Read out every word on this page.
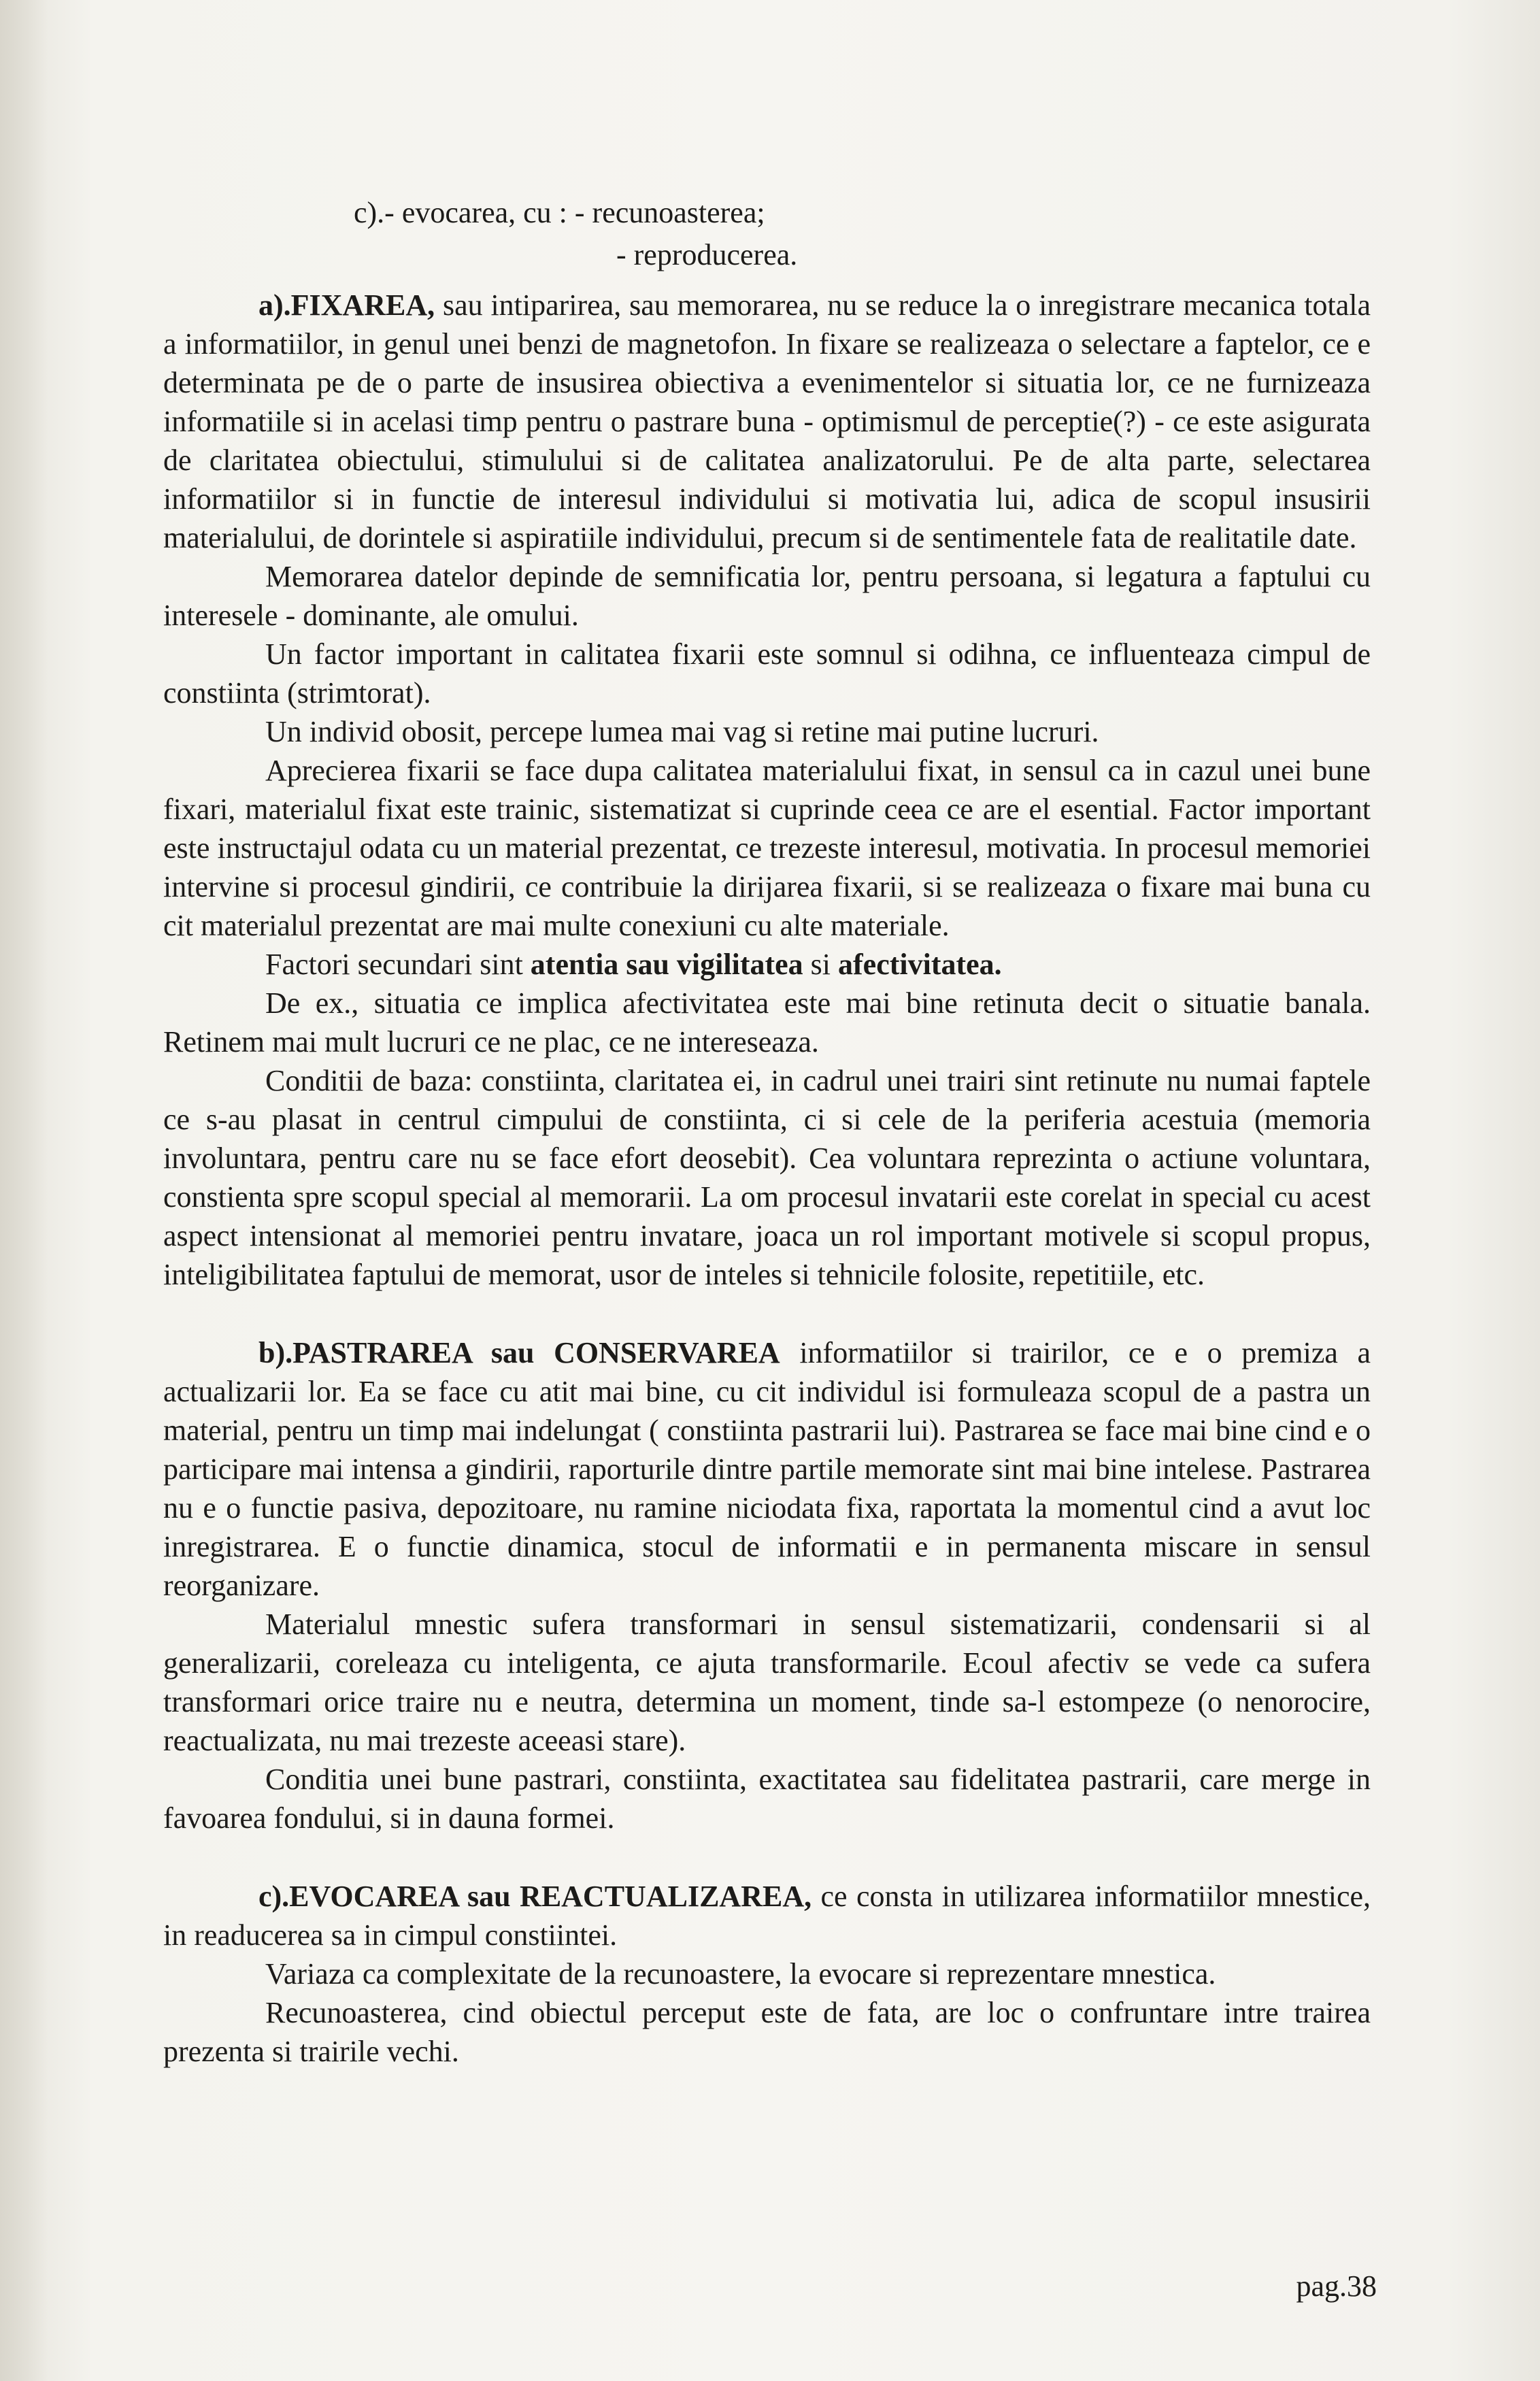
c).- evocarea, cu : - recunoasterea;
- reproducerea.

a).FIXAREA, sau intiparirea, sau memorarea, nu se reduce la o inregistrare mecanica totala a informatiilor, in genul unei benzi de magnetofon. In fixare se realizeaza o selectare a faptelor, ce e determinata pe de o parte de insusirea obiectiva a evenimentelor si situatia lor, ce ne furnizeaza informatiile si in acelasi timp pentru o pastrare buna - optimismul de perceptie(?) - ce este asigurata de claritatea obiectului, stimulului si de calitatea analizatorului. Pe de alta parte, selectarea informatiilor si in functie de interesul individului si motivatia lui, adica de scopul insusirii materialului, de dorintele si aspiratiile individului, precum si de sentimentele fata de realitatile date.

Memorarea datelor depinde de semnificatia lor, pentru persoana, si legatura a faptului cu interesele - dominante, ale omului.

Un factor important in calitatea fixarii este somnul si odihna, ce influenteaza cimpul de constiinta (strimtorat).

Un individ obosit, percepe lumea mai vag si retine mai putine lucruri.

Aprecierea fixarii se face dupa calitatea materialului fixat, in sensul ca in cazul unei bune fixari, materialul fixat este trainic, sistematizat si cuprinde ceea ce are el esential. Factor important este instructajul odata cu un material prezentat, ce trezeste interesul, motivatia. In procesul memoriei intervine si procesul gindirii, ce contribuie la dirijarea fixarii, si se realizeaza o fixare mai buna cu cit materialul prezentat are mai multe conexiuni cu alte materiale.

Factori secundari sint atentia sau vigilitatea si afectivitatea.

De ex., situatia ce implica afectivitatea este mai bine retinuta decit o situatie banala. Retinem mai mult lucruri ce ne plac, ce ne intereseaza.

Conditii de baza: constiinta, claritatea ei, in cadrul unei trairi sint retinute nu numai faptele ce s-au plasat in centrul cimpului de constiinta, ci si cele de la periferia acestuia (memoria involuntara, pentru care nu se face efort deosebit). Cea voluntara reprezinta o actiune voluntara, constienta spre scopul special al memorarii. La om procesul invatarii este corelat in special cu acest aspect intensionat al memoriei pentru invatare, joaca un rol important motivele si scopul propus, inteligibilitatea faptului de memorat, usor de inteles si tehnicile folosite, repetitiile, etc.

b).PASTRAREA sau CONSERVAREA informatiilor si trairilor, ce e o premiza a actualizarii lor. Ea se face cu atit mai bine, cu cit individul isi formuleaza scopul de a pastra un material, pentru un timp mai indelungat ( constiinta pastrarii lui). Pastrarea se face mai bine cind e o participare mai intensa a gindirii, raporturile dintre partile memorate sint mai bine intelese. Pastrarea nu e o functie pasiva, depozitoare, nu ramine niciodata fixa, raportata la momentul cind a avut loc inregistrarea. E o functie dinamica, stocul de informatii e in permanenta miscare in sensul reorganizare.

Materialul mnestic sufera transformari in sensul sistematizarii, condensarii si al generalizarii, coreleaza cu inteligenta, ce ajuta transformarile. Ecoul afectiv se vede ca sufera transformari orice traire nu e neutra, determina un moment, tinde sa-l estompeze (o nenorocire, reactualizata, nu mai trezeste aceeasi stare).

Conditia unei bune pastrari, constiinta, exactitatea sau fidelitatea pastrarii, care merge in favoarea fondului, si in dauna formei.

c).EVOCAREA sau REACTUALIZAREA, ce consta in utilizarea informatiilor mnestice, in readucerea sa in cimpul constiintei.

Variaza ca complexitate de la recunoastere, la evocare si reprezentare mnestica.

Recunoasterea, cind obiectul perceput este de fata, are loc o confruntare intre trairea prezenta si trairile vechi.

pag.38
